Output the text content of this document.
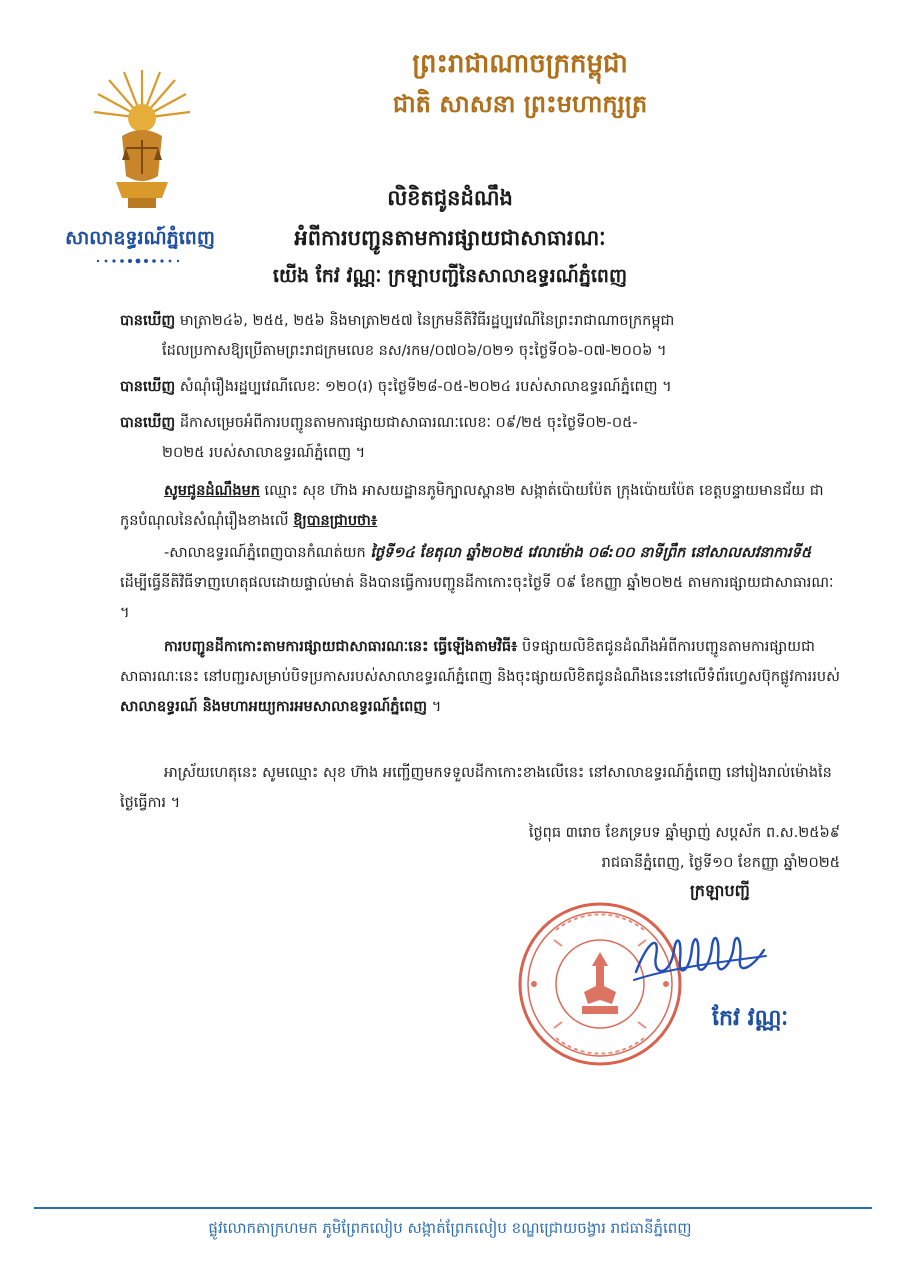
ព្រះរាជាណាចក្រកម្ពុជា
ជាតិ សាសនា ព្រះមហាក្សត្រ
សាលាឧទ្ធរណ៍ភ្នំពេញ
លិខិតជូនដំណឹង
អំពីការបញ្ជូនតាមការផ្សាយជាសាធារណៈ
យើង កែវ វណ្ណៈ ក្រឡាបញ្ជីនៃសាលាឧទ្ធរណ៍ភ្នំពេញ
បានឃើញ មាត្រា២៤៦, ២៥៥, ២៥៦ និងមាត្រា២៥៧ នៃក្រមនីតិវិធីរដ្ឋប្បវេណីនៃព្រះរាជាណាចក្រកម្ពុជា
ដែលប្រកាសឱ្យប្រើតាមព្រះរាជក្រមលេខ នស/រកម/០៧០៦/០២១ ចុះថ្ងៃទី០៦-០៧-២០០៦ ។
បានឃើញ សំណុំរឿងរដ្ឋប្បវេណីលេខៈ ១២០(រ) ចុះថ្ងៃទី២៨-០៥-២០២៤ របស់សាលាឧទ្ធរណ៍ភ្នំពេញ ។
បានឃើញ ដីកាសម្រេចអំពីការបញ្ជូនតាមការផ្សាយជាសាធារណៈលេខៈ ០៩/២៥ ចុះថ្ងៃទី០២-០៥-
២០២៥ របស់សាលាឧទ្ធរណ៍ភ្នំពេញ ។
សូមជូនដំណឹងមក ឈ្មោះ សុខ ហ៊ាង អាសយដ្ឋានភូមិក្បាលស្ពាន២ សង្កាត់ប៉ោយប៉ែត ក្រុងប៉ោយប៉ែត ខេត្តបន្ទាយមានជ័យ ជាកូនបំណុលនៃសំណុំរឿងខាងលើ ឱ្យបានជ្រាបថា៖
-សាលាឧទ្ធរណ៍ភ្នំពេញបានកំណត់យក ថ្ងៃទី១៤ ខែតុលា ឆ្នាំ២០២៥ វេលាម៉ោង ០៨:០០ នាទីព្រឹក នៅសាលសវនាការទី៥ ដើម្បីធ្វើនីតិវិធីទាញហេតុផលដោយផ្ទាល់មាត់ និងបានធ្វើការបញ្ជូនដីកាកោះចុះថ្ងៃទី ០៩ ខែកញ្ញា ឆ្នាំ២០២៥ តាមការផ្សាយជាសាធារណៈ ។
ការបញ្ជូនដីកាកោះតាមការផ្សាយជាសាធារណៈនេះ ធ្វើឡើងតាមវិធី៖ បិទផ្សាយលិខិតជូនដំណឹងអំពីការបញ្ជូនតាមការផ្សាយជាសាធារណៈនេះ នៅបញ្ជរសម្រាប់បិទប្រកាសរបស់សាលាឧទ្ធរណ៍ភ្នំពេញ និងចុះផ្សាយលិខិតជូនដំណឹងនេះនៅលើទំព័រហ្វេសប៊ុកផ្លូវការរបស់ សាលាឧទ្ធរណ៍ និងមហាអយ្យការអមសាលាឧទ្ធរណ៍ភ្នំពេញ ។
អាស្រ័យហេតុនេះ សូមឈ្មោះ សុខ ហ៊ាង អញ្ជើញមកទទួលដីកាកោះខាងលើនេះ នៅសាលាឧទ្ធរណ៍ភ្នំពេញ នៅរៀងរាល់ម៉ោងនៃថ្ងៃធ្វើការ ។
ថ្ងៃពុធ ៣រោច ខែភទ្របទ ឆ្នាំម្សាញ់ សប្តស័ក ព.ស.២៥៦៩
រាជធានីភ្នំពេញ, ថ្ងៃទី១០ ខែកញ្ញា ឆ្នាំ២០២៥
ក្រឡាបញ្ជី
កែវ វណ្ណៈ
ផ្លូវលោកតាក្រហមក ភូមិព្រែកលៀប សង្កាត់ព្រែកលៀប ខណ្ឌជ្រោយចង្វារ រាជធានីភ្នំពេញ
